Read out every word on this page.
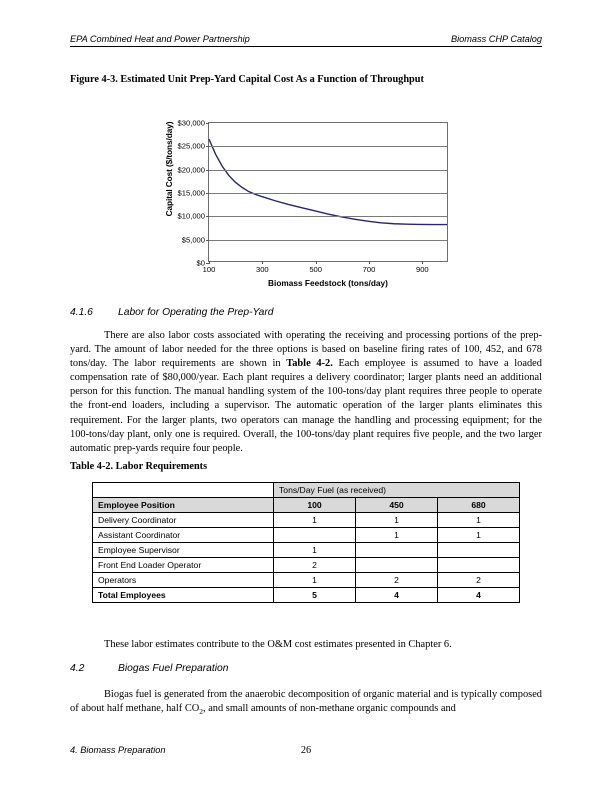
EPA Combined Heat and Power Partnership	Biomass CHP Catalog
Figure 4-3. Estimated Unit Prep-Yard Capital Cost As a Function of Throughput
Capital Cost ($/tons/day)
$0
$5,000
$10,000
$15,000
$20,000
$25,000
$30,000
100	300	500	700	900
Biomass Feedstock (tons/day)
4.1.6 Labor for Operating the Prep-Yard
There are also labor costs associated with operating the receiving and processing portions of the prep-yard. The amount of labor needed for the three options is based on baseline firing rates of 100, 452, and 678 tons/day. The labor requirements are shown in Table 4-2. Each employee is assumed to have a loaded compensation rate of $80,000/year. Each plant requires a delivery coordinator; larger plants need an additional person for this function. The manual handling system of the 100-tons/day plant requires three people to operate the front-end loaders, including a supervisor. The automatic operation of the larger plants eliminates this requirement. For the larger plants, two operators can manage the handling and processing equipment; for the 100-tons/day plant, only one is required. Overall, the 100-tons/day plant requires five people, and the two larger automatic prep-yards require four people.
Table 4-2. Labor Requirements
	Tons/Day Fuel (as received)		
Employee Position	100	450	680
Delivery Coordinator	1	1	1
Assistant Coordinator		1	1
Employee Supervisor	1		
Front End Loader Operator	2		
Operators	1	2	2
Total Employees	5	4	4
These labor estimates contribute to the O&M cost estimates presented in Chapter 6.
4.2	Biogas Fuel Preparation
Biogas fuel is generated from the anaerobic decomposition of organic material and is typically composed of about half methane, half $CO_2$, and small amounts of non-methane organic compounds and
4. Biomass Preparation	26
